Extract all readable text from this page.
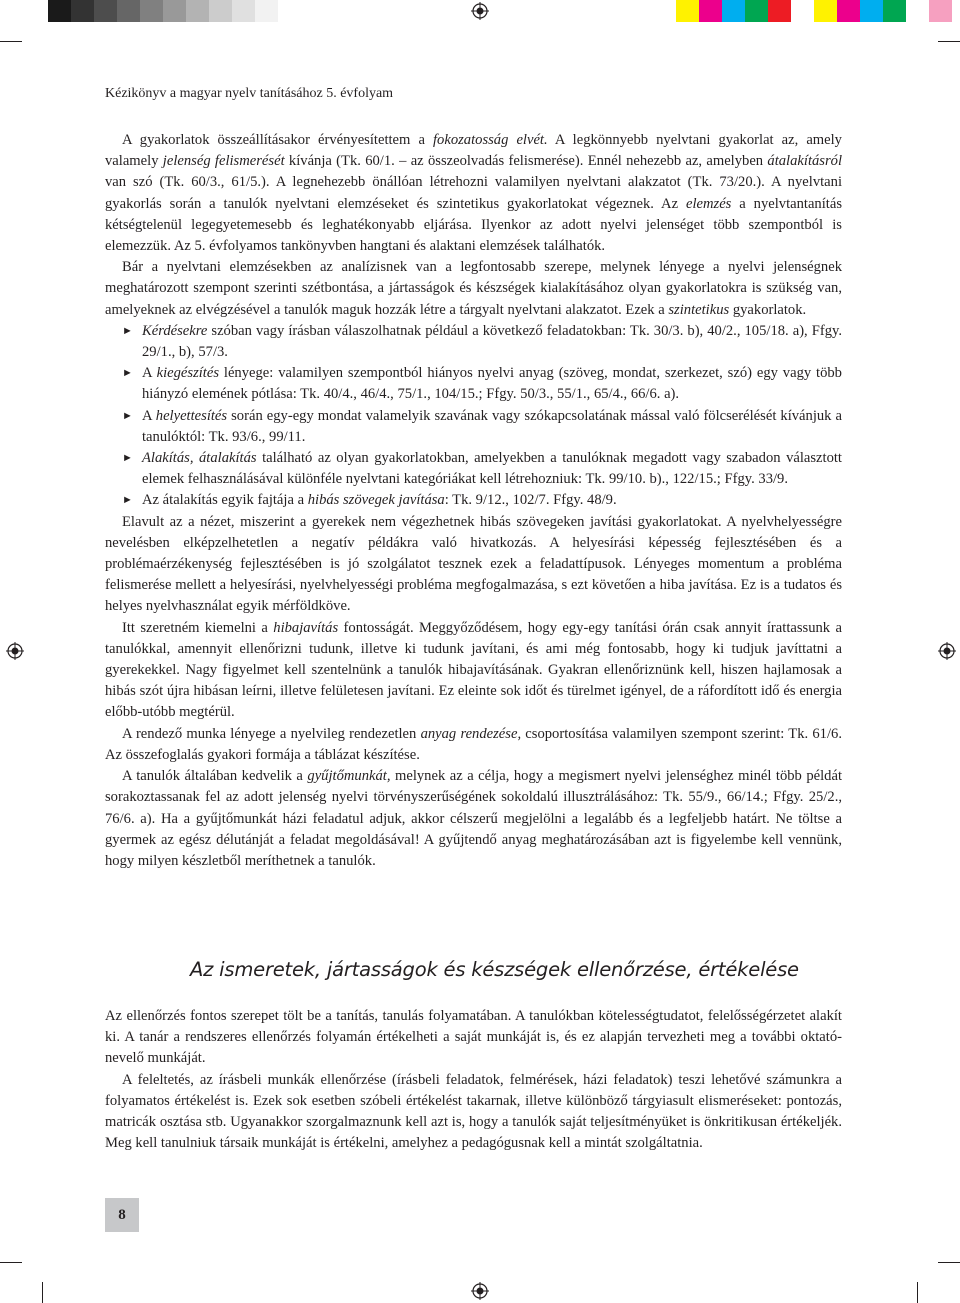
Kézikönyv a magyar nyelv tanításához 5. évfolyam

A gyakorlatok összeállításakor érvényesítettem a fokozatosság elvét. A legkönnyebb nyelvtani gyakorlat az, amely valamely jelenség felismerését kívánja (Tk. 60/1. – az összeolvadás felismerése). Ennél nehezebb az, amelyben átalakításról van szó (Tk. 60/3., 61/5.). A legnehezebb önállóan létrehozni valamilyen nyelvtani alakzatot (Tk. 73/20.). A nyelvtani gyakorlás során a tanulók nyelvtani elemzéseket és szintetikus gyakorlatokat végeznek. Az elemzés a nyelvtantanítás kétségtelenül legegyetemesebb és leghatékonyabb eljárása. Ilyenkor az adott nyelvi jelenséget több szempontból is elemezzük. Az 5. évfolyamos tankönyvben hangtani és alaktani elemzések találhatók.

Bár a nyelvtani elemzésekben az analízisnek van a legfontosabb szerepe, melynek lényege a nyelvi jelenségnek meghatározott szempont szerinti szétbontása, a jártasságok és készségek kialakításához olyan gyakorlatokra is szükség van, amelyeknek az elvégzésével a tanulók maguk hozzák létre a tárgyalt nyelvtani alakzatot. Ezek a szintetikus gyakorlatok.

► Kérdésekre szóban vagy írásban válaszolhatnak például a következő feladatokban: Tk. 30/3. b), 40/2., 105/18. a), Ffgy. 29/1., b), 57/3.
► A kiegészítés lényege: valamilyen szempontból hiányos nyelvi anyag (szöveg, mondat, szerkezet, szó) egy vagy több hiányzó elemének pótlása: Tk. 40/4., 46/4., 75/1., 104/15.; Ffgy. 50/3., 55/1., 65/4., 66/6. a).
► A helyettesítés során egy-egy mondat valamelyik szavának vagy szókapcsolatának mással való fölcserélését kívánjuk a tanulóktól: Tk. 93/6., 99/11.
► Alakítás, átalakítás található az olyan gyakorlatokban, amelyekben a tanulóknak megadott vagy szabadon választott elemek felhasználásával különféle nyelvtani kategóriákat kell létrehozniuk: Tk. 99/10. b)., 122/15.; Ffgy. 33/9.
► Az átalakítás egyik fajtája a hibás szövegek javítása: Tk. 9/12., 102/7. Ffgy. 48/9.

Elavult az a nézet, miszerint a gyerekek nem végezhetnek hibás szövegeken javítási gyakorlatokat. A nyelvhelyességre nevelésben elképzelhetetlen a negatív példákra való hivatkozás. A helyesírási képesség fejlesztésében és a problémaérzékenység fejlesztésében is jó szolgálatot tesznek ezek a feladattípusok. Lényeges momentum a probléma felismerése mellett a helyesírási, nyelvhelyességi probléma megfogalmazása, s ezt követően a hiba javítása. Ez is a tudatos és helyes nyelvhasználat egyik mérföldköve.

Itt szeretném kiemelni a hibajavítás fontosságát. Meggyőződésem, hogy egy-egy tanítási órán csak annyit írattassunk a tanulókkal, amennyit ellenőrizni tudunk, illetve ki tudunk javítani, és ami még fontosabb, hogy ki tudjuk javíttatni a gyerekekkel. Nagy figyelmet kell szentelnünk a tanulók hibajavításának. Gyakran ellenőriznünk kell, hiszen hajlamosak a hibás szót újra hibásan leírni, illetve felületesen javítani. Ez eleinte sok időt és türelmet igényel, de a ráfordított idő és energia előbb-utóbb megtérül.

A rendező munka lényege a nyelvileg rendezetlen anyag rendezése, csoportosítása valamilyen szempont szerint: Tk. 61/6. Az összefoglalás gyakori formája a táblázat készítése.

A tanulók általában kedvelik a gyűjtőmunkát, melynek az a célja, hogy a megismert nyelvi jelenséghez minél több példát sorakoztassanak fel az adott jelenség nyelvi törvényszerűségének sokoldalú illusztrálásához: Tk. 55/9., 66/14.; Ffgy. 25/2., 76/6. a). Ha a gyűjtőmunkát házi feladatul adjuk, akkor célszerű megjelölni a legalább és a legfeljebb határt. Ne töltse a gyermek az egész délutánját a feladat megoldásával! A gyűjtendő anyag meghatározásában azt is figyelembe kell vennünk, hogy milyen készletből meríthetnek a tanulók.

Az ismeretek, jártasságok és készségek ellenőrzése, értékelése

Az ellenőrzés fontos szerepet tölt be a tanítás, tanulás folyamatában. A tanulókban kötelességtudatot, felelősségérzetet alakít ki. A tanár a rendszeres ellenőrzés folyamán értékelheti a saját munkáját is, és ez alapján tervezheti meg a további oktató-nevelő munkáját.

A feleltetés, az írásbeli munkák ellenőrzése (írásbeli feladatok, felmérések, házi feladatok) teszi lehetővé számunkra a folyamatos értékelést is. Ezek sok esetben szóbeli értékelést takarnak, illetve különböző tárgyiasult elismeréseket: pontozás, matricák osztása stb. Ugyanakkor szorgalmaznunk kell azt is, hogy a tanulók saját teljesítményüket is önkritikusan értékeljék. Meg kell tanulniuk társaik munkáját is értékelni, amelyhez a pedagógusnak kell a mintát szolgáltatnia.

8
